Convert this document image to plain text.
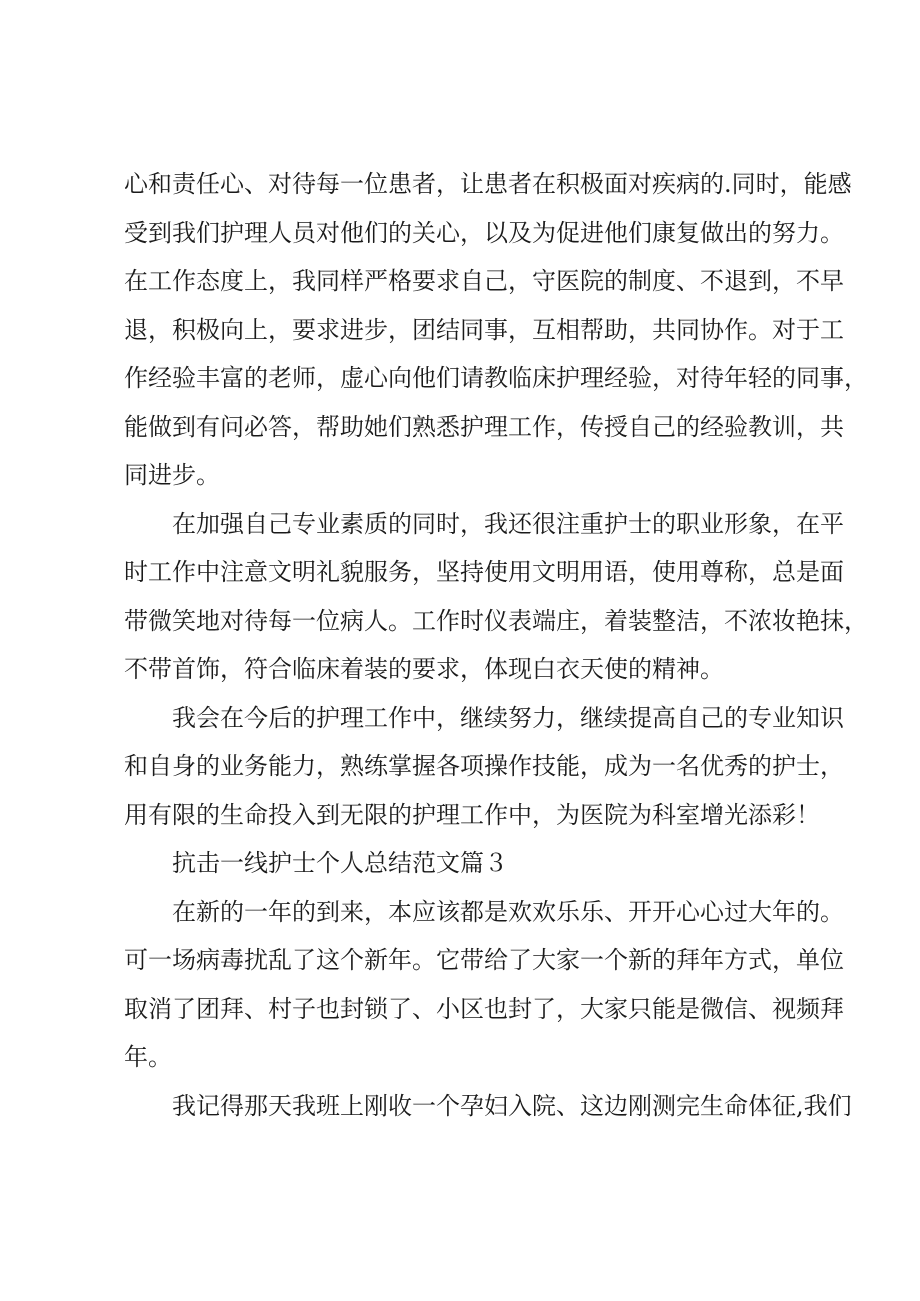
心和责任心、对待每一位患者，让患者在积极面对疾病的.同时，能感
受到我们护理人员对他们的关心，以及为促进他们康复做出的努力。
在工作态度上，我同样严格要求自己，守医院的制度、不退到，不早
退，积极向上，要求进步，团结同事，互相帮助，共同协作。对于工
作经验丰富的老师，虚心向他们请教临床护理经验，对待年轻的同事，
能做到有问必答，帮助她们熟悉护理工作，传授自己的经验教训，共
同进步。
　　在加强自己专业素质的同时，我还很注重护士的职业形象，在平
时工作中注意文明礼貌服务，坚持使用文明用语，使用尊称，总是面
带微笑地对待每一位病人。工作时仪表端庄，着装整洁，不浓妆艳抹，
不带首饰，符合临床着装的要求，体现白衣天使的精神。
　　我会在今后的护理工作中，继续努力，继续提高自己的专业知识
和自身的业务能力，熟练掌握各项操作技能，成为一名优秀的护士，
用有限的生命投入到无限的护理工作中，为医院为科室增光添彩！
　　抗击一线护士个人总结范文篇３
　　在新的一年的到来，本应该都是欢欢乐乐、开开心心过大年的。
可一场病毒扰乱了这个新年。它带给了大家一个新的拜年方式，单位
取消了团拜、村子也封锁了、小区也封了，大家只能是微信、视频拜
年。
　　我记得那天我班上刚收一个孕妇入院、这边刚测完生命体征,我们
